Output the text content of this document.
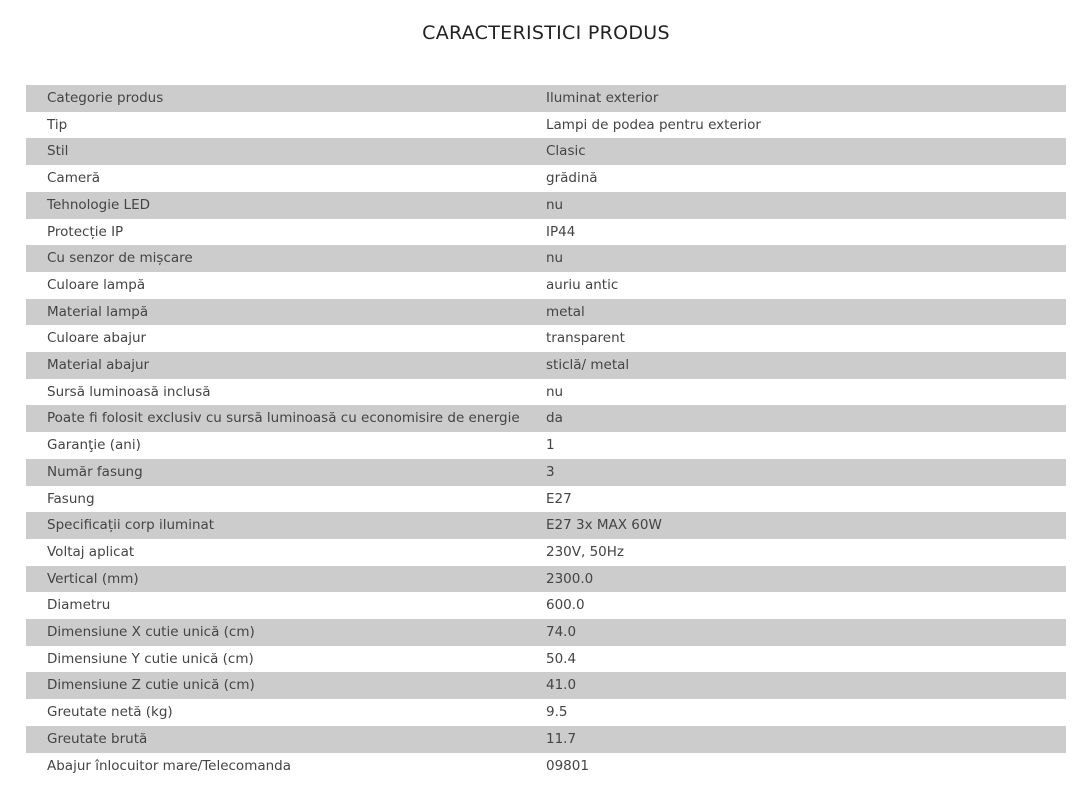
CARACTERISTICI PRODUS
Categorie produs	Iluminat exterior
Tip	Lampi de podea pentru exterior
Stil	Clasic
Cameră	grădină
Tehnologie LED	nu
Protecție IP	IP44
Cu senzor de mișcare	nu
Culoare lampă	auriu antic
Material lampă	metal
Culoare abajur	transparent
Material abajur	sticlă/ metal
Sursă luminoasă inclusă	nu
Poate fi folosit exclusiv cu sursă luminoasă cu economisire de energie	da
Garanţie (ani)	1
Număr fasung	3
Fasung	E27
Specificații corp iluminat	E27 3x MAX 60W
Voltaj aplicat	230V, 50Hz
Vertical (mm)	2300.0
Diametru	600.0
Dimensiune X cutie unică (cm)	74.0
Dimensiune Y cutie unică (cm)	50.4
Dimensiune Z cutie unică (cm)	41.0
Greutate netă (kg)	9.5
Greutate brută	11.7
Abajur înlocuitor mare/Telecomanda	09801
